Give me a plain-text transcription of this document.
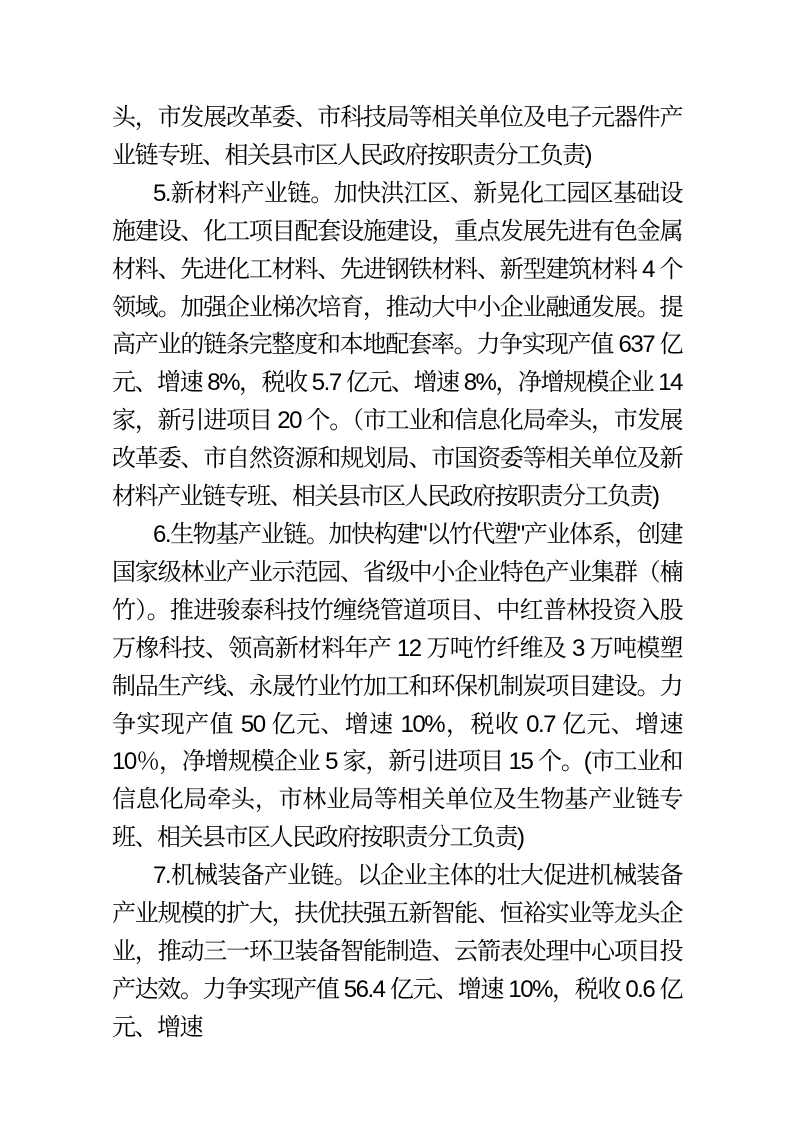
头，市发展改革委、市科技局等相关单位及电子元器件产业链专班、相关县市区人民政府按职责分工负责)

5.新材料产业链。加快洪江区、新晃化工园区基础设施建设、化工项目配套设施建设，重点发展先进有色金属材料、先进化工材料、先进钢铁材料、新型建筑材料 4 个领域。加强企业梯次培育，推动大中小企业融通发展。提高产业的链条完整度和本地配套率。力争实现产值 637 亿元、增速 8%，税收 5.7 亿元、增速 8%，净增规模企业 14 家，新引进项目 20 个。（市工业和信息化局牵头，市发展改革委、市自然资源和规划局、市国资委等相关单位及新材料产业链专班、相关县市区人民政府按职责分工负责)

6.生物基产业链。加快构建"以竹代塑"产业体系，创建国家级林业产业示范园、省级中小企业特色产业集群（楠竹）。推进骏泰科技竹缠绕管道项目、中红普林投资入股万橡科技、领高新材料年产 12 万吨竹纤维及 3 万吨模塑制品生产线、永晟竹业竹加工和环保机制炭项目建设。力争实现产值 50 亿元、增速 10%，税收 0.7 亿元、增速 10％，净增规模企业 5 家，新引进项目 15 个。(市工业和信息化局牵头，市林业局等相关单位及生物基产业链专班、相关县市区人民政府按职责分工负责)

7.机械装备产业链。以企业主体的壮大促进机械装备产业规模的扩大，扶优扶强五新智能、恒裕实业等龙头企业，推动三一环卫装备智能制造、云箭表处理中心项目投产达效。力争实现产值 56.4 亿元、增速 10%，税收 0.6 亿元、增速
